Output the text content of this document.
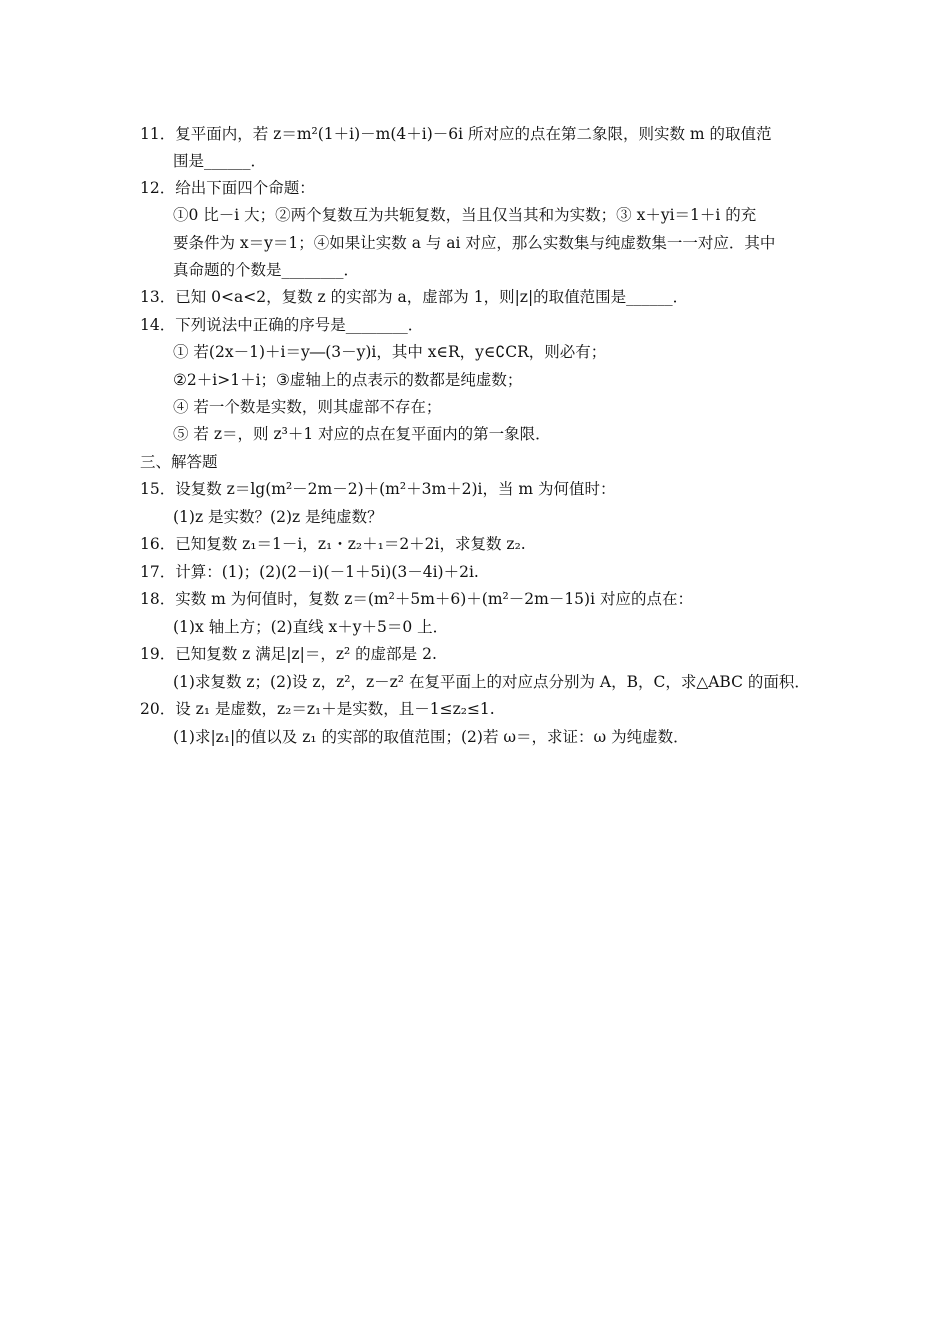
11．复平面内，若 z＝m²(1＋i)－m(4＋i)－6i 所对应的点在第二象限，则实数 m 的取值范
围是______．
12．给出下面四个命题：
①0 比－i 大；②两个复数互为共轭复数，当且仅当其和为实数；③ x＋yi＝1＋i 的充
要条件为 x＝y＝1；④如果让实数 a 与 ai 对应，那么实数集与纯虚数集一一对应．其中
真命题的个数是________．
13．已知 0<a<2，复数 z 的实部为 a，虚部为 1，则|z|的取值范围是______．
14．下列说法中正确的序号是________．
① 若(2x－1)＋i＝y―(3－y)i，其中 x∈R，y∈∁CR，则必有；
②2＋i>1＋i；③虚轴上的点表示的数都是纯虚数；
④ 若一个数是实数，则其虚部不存在；
⑤ 若 z＝，则 z³＋1 对应的点在复平面内的第一象限．
三、解答题
15．设复数 z＝lg(m²－2m－2)＋(m²＋3m＋2)i，当 m 为何值时：
(1)z 是实数？(2)z 是纯虚数？
16．已知复数 z₁＝1－i，z₁・z₂＋₁＝2＋2i，求复数 z₂.
17．计算：(1)；(2)(2－i)(－1＋5i)(3－4i)＋2i.
18．实数 m 为何值时，复数 z＝(m²＋5m＋6)＋(m²－2m－15)i 对应的点在：
(1)x 轴上方；(2)直线 x＋y＋5＝0 上．
19．已知复数 z 满足|z|＝，z² 的虚部是 2.
(1)求复数 z；(2)设 z，z²，z－z² 在复平面上的对应点分别为 A，B，C，求△ABC 的面积．
20．设 z₁ 是虚数，z₂＝z₁＋是实数，且－1≤z₂≤1.
(1)求|z₁|的值以及 z₁ 的实部的取值范围；(2)若 ω＝，求证：ω 为纯虚数．
